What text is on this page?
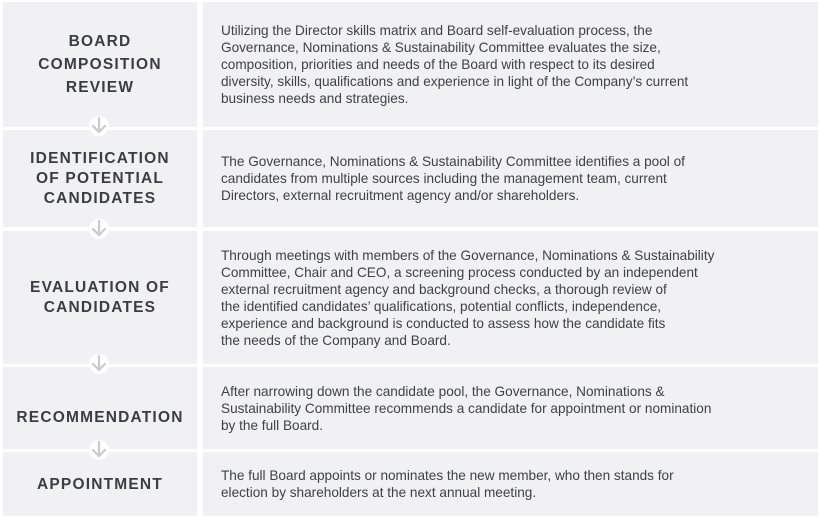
BOARD
COMPOSITION
REVIEW
Utilizing the Director skills matrix and Board self-evaluation process, the
Governance, Nominations & Sustainability Committee evaluates the size,
composition, priorities and needs of the Board with respect to its desired
diversity, skills, qualifications and experience in light of the Company’s current
business needs and strategies.
IDENTIFICATION
OF POTENTIAL
CANDIDATES
The Governance, Nominations & Sustainability Committee identifies a pool of
candidates from multiple sources including the management team, current
Directors, external recruitment agency and/or shareholders.
EVALUATION OF
CANDIDATES
Through meetings with members of the Governance, Nominations & Sustainability
Committee, Chair and CEO, a screening process conducted by an independent
external recruitment agency and background checks, a thorough review of
the identified candidates’ qualifications, potential conflicts, independence,
experience and background is conducted to assess how the candidate fits
the needs of the Company and Board.
RECOMMENDATION
After narrowing down the candidate pool, the Governance, Nominations &
Sustainability Committee recommends a candidate for appointment or nomination
by the full Board.
APPOINTMENT	The full Board appoints or nominates the new member, who then stands for
election by shareholders at the next annual meeting.
